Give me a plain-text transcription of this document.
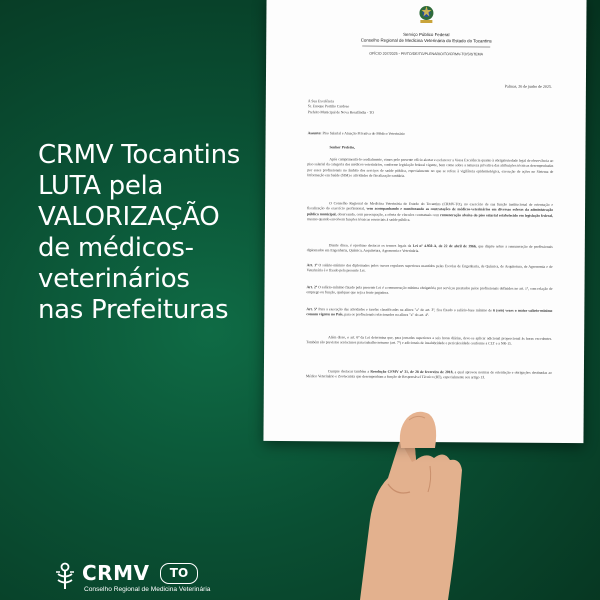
CRMV Tocantins
LUTA pela
VALORIZAÇÃO
de médicos-
veterinários
nas Prefeituras
Serviço Público Federal
Conselho Regional de Medicina Veterinária do Estado do Tocantins
OFÍCIO 207/2025 - PR/TO/DE/TG/PLENARIO/TO/CRMV-TO/SISTEMA
Palmas, 26 de junho de 2025.
À Sua Excelência
Sr. Enoque Portilio Cardoso
Prefeito Municipal de Nova Rosalândia - TO
Assunto: Piso Salarial e Atuação Privativa do Médico Veterinário
Senhor Prefeito,
Após cumprimentá-lo cordialmente, vimos pelo presente ofício alertar e esclarecer a Vossa Excelência quanto à obrigatoriedade legal de observância ao piso salarial da categoria dos médicos-veterinários, conforme legislação federal vigente, bem como sobre a natureza privativa das atribuições técnicas desempenhadas por esses profissionais no âmbito dos serviços de saúde pública, especialmente no que se refere à vigilância epidemiológica, execução de ações no Sistema de Informação em Saúde (SIM) e atividades de fiscalização sanitária.
O Conselho Regional de Medicina Veterinária do Estado do Tocantins (CRMV-TO), no exercício de sua função institucional de orientação e fiscalização do exercício profissional, vem acompanhando e monitorando as contratações de médicos-veterinários em diversas esferas da administração pública municipal, observando, com preocupação, a oferta de vínculos contratuais com remuneração abaixo do piso salarial estabelecido em legislação federal, mesmo quando envolvem funções técnicas essenciais à saúde pública.
Diante disso, é oportuno destacar os termos legais da Lei nº 4.950-A, de 22 de abril de 1966, que dispõe sobre a remuneração de profissionais diplomados em Engenharia, Química, Arquitetura, Agronomia e Veterinária.
Art. 1º O salário-mínimo dos diplomados pelos cursos regulares superiores mantidos pelas Escolas de Engenharia, de Química, de Arquitetura, de Agronomia e de Veterinária é o fixado pela presente Lei.
Art. 2º O salário-mínimo fixado pela presente Lei é a remuneração mínima obrigatória por serviços prestados pelos profissionais definidos no art. 1º, com relação de emprego ou função, qualquer que seja a fonte pagadora.
Art. 5º Para a execução das atividades e tarefas classificadas na alínea "a" do art. 3º, fica fixado o salário-base mínimo de 6 (seis) vezes o maior salário-mínimo comum vigente no País, para os profissionais relacionados na alínea "a" do art. 4º.
Além disso, o art. 6º da Lei determina que, para jornadas superiores a seis horas diárias, deve-se aplicar adicional proporcional às horas excedentes. Também são previstos acréscimos para trabalho noturno (art. 7º) e adicionais de insalubridade e periculosidade conforme a CLT e a NR-15.
Cumpre destacar também a Resolução CFMV nº 31, de 28 de fevereiro de 2018, a qual aprovou normas de orientação e obrigações destinadas ao Médico Veterinário e Zootecnista que desempenham a função de Responsável Técnico (RT), especialmente seu artigo 13.
CRMV	TO
Conselho Regional de Medicina Veterinária
